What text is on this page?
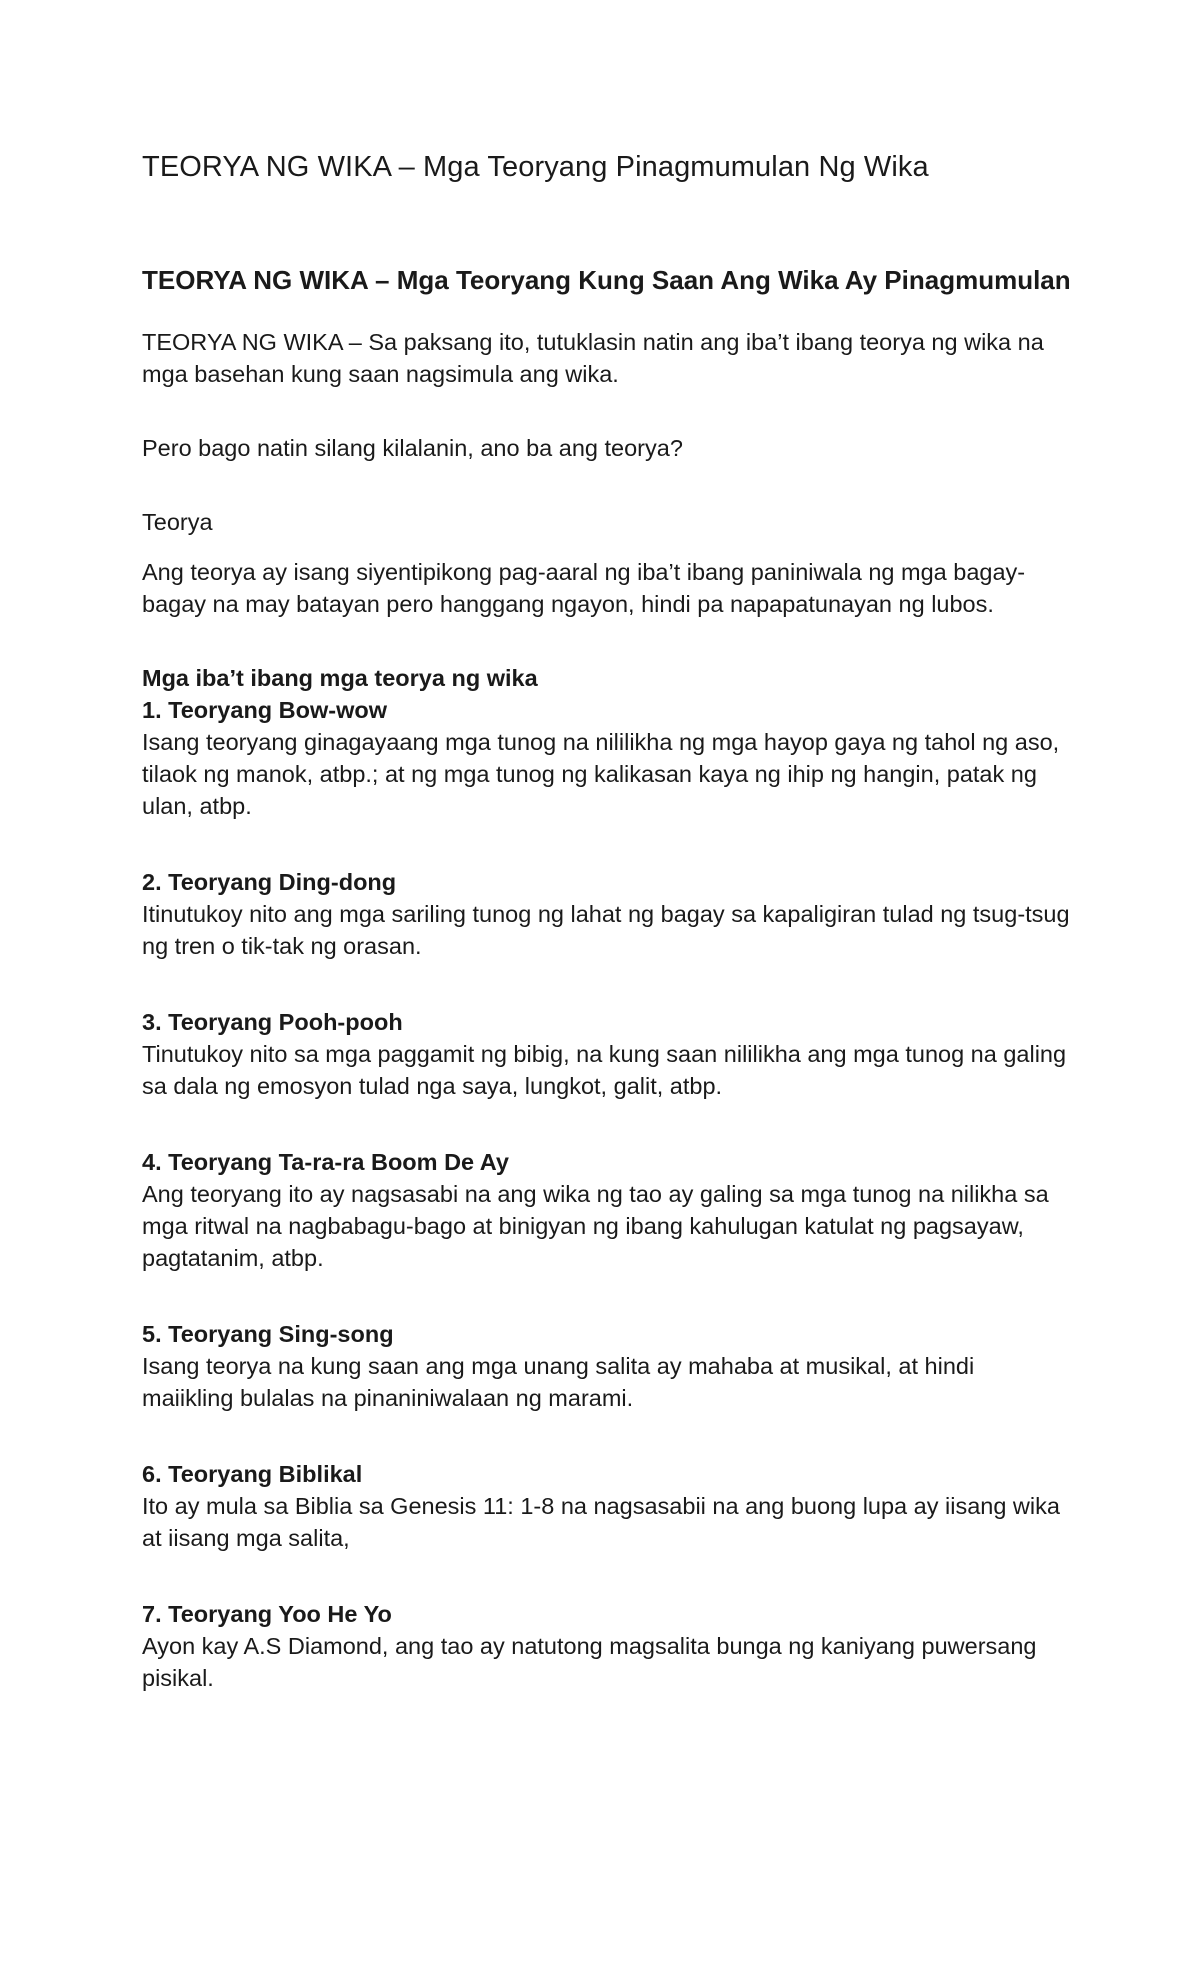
TEORYA NG WIKA – Mga Teoryang Pinagmumulan Ng Wika
TEORYA NG WIKA – Mga Teoryang Kung Saan Ang Wika Ay Pinagmumulan

TEORYA NG WIKA – Sa paksang ito, tutuklasin natin ang iba’t ibang teorya ng wika na mga basehan kung saan nagsimula ang wika.

Pero bago natin silang kilalanin, ano ba ang teorya?

Teorya

Ang teorya ay isang siyentipikong pag-aaral ng iba’t ibang paniniwala ng mga bagay-bagay na may batayan pero hanggang ngayon, hindi pa napapatunayan ng lubos.

Mga iba’t ibang mga teorya ng wika

1. Teoryang Bow-wow

Isang teoryang ginagayaang mga tunog na nililikha ng mga hayop gaya ng tahol ng aso, tilaok ng manok, atbp.; at ng mga tunog ng kalikasan kaya ng ihip ng hangin, patak ng ulan, atbp.

2. Teoryang Ding-dong

Itinutukoy nito ang mga sariling tunog ng lahat ng bagay sa kapaligiran tulad ng tsug-tsug ng tren o tik-tak ng orasan.

3. Teoryang Pooh-pooh

Tinutukoy nito sa mga paggamit ng bibig, na kung saan nililikha ang mga tunog na galing sa dala ng emosyon tulad nga saya, lungkot, galit, atbp.

4. Teoryang Ta-ra-ra Boom De Ay

Ang teoryang ito ay nagsasabi na ang wika ng tao ay galing sa mga tunog na nilikha sa mga ritwal na nagbabagu-bago at binigyan ng ibang kahulugan katulat ng pagsayaw, pagtatanim, atbp.

5. Teoryang Sing-song

Isang teorya na kung saan ang mga unang salita ay mahaba at musikal, at hindi maiikling bulalas na pinaniniwalaan ng marami.

6. Teoryang Biblikal

Ito ay mula sa Biblia sa Genesis 11: 1-8 na nagsasabii na ang buong lupa ay iisang wika at iisang mga salita,

7. Teoryang Yoo He Yo

Ayon kay A.S Diamond, ang tao ay natutong magsalita bunga ng kaniyang puwersang pisikal.
